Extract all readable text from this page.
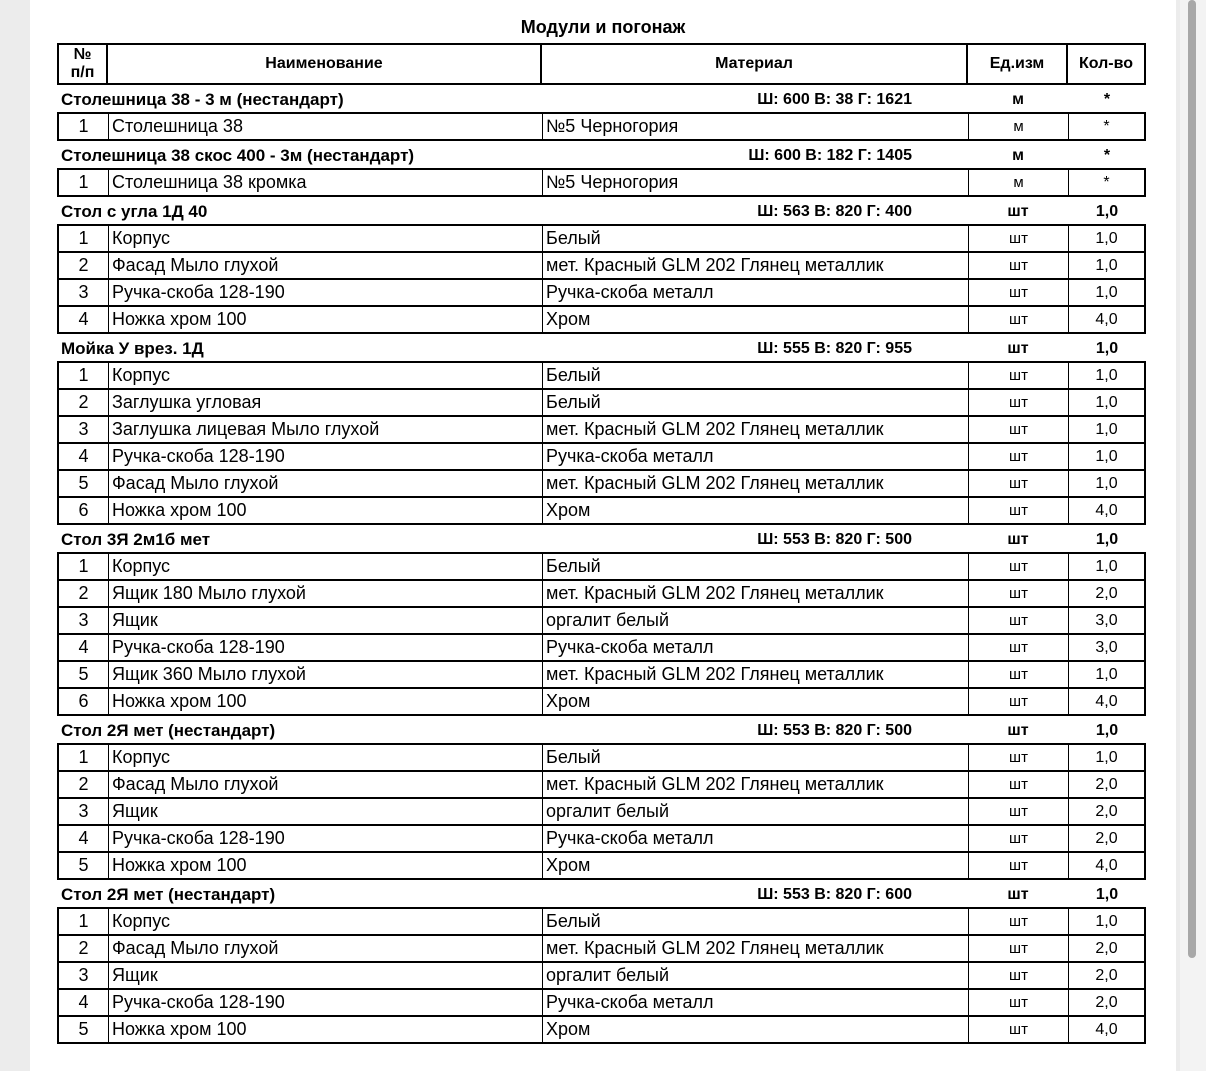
Модули и погонаж
№
п/п	Наименование	Материал	Ед.изм	Кол-во
Столешница 38 - 3 м (нестандарт)		Ш: 600 В: 38 Г: 1621	м	*
1	Столешница 38	№5 Черногория	м	*
Столешница 38 скос 400 - 3м (нестандарт)		Ш: 600 В: 182 Г: 1405	м	*
1	Столешница 38 кромка	№5 Черногория	м	*
Стол с угла 1Д 40		Ш: 563 В: 820 Г: 400	шт	1,0
1	Корпус	Белый	шт	1,0
2	Фасад Мыло глухой	мет. Красный GLM 202 Глянец металлик	шт	1,0
3	Ручка-скоба 128-190	Ручка-скоба металл	шт	1,0
4	Ножка хром 100	Хром	шт	4,0
Мойка У врез. 1Д		Ш: 555 В: 820 Г: 955	шт	1,0
1	Корпус	Белый	шт	1,0
2	Заглушка угловая	Белый	шт	1,0
3	Заглушка лицевая Мыло глухой	мет. Красный GLM 202 Глянец металлик	шт	1,0
4	Ручка-скоба 128-190	Ручка-скоба металл	шт	1,0
5	Фасад Мыло глухой	мет. Красный GLM 202 Глянец металлик	шт	1,0
6	Ножка хром 100	Хром	шт	4,0
Стол 3Я 2м1б мет		Ш: 553 В: 820 Г: 500	шт	1,0
1	Корпус	Белый	шт	1,0
2	Ящик 180 Мыло глухой	мет. Красный GLM 202 Глянец металлик	шт	2,0
3	Ящик	оргалит белый	шт	3,0
4	Ручка-скоба 128-190	Ручка-скоба металл	шт	3,0
5	Ящик 360 Мыло глухой	мет. Красный GLM 202 Глянец металлик	шт	1,0
6	Ножка хром 100	Хром	шт	4,0
Стол 2Я мет (нестандарт)		Ш: 553 В: 820 Г: 500	шт	1,0
1	Корпус	Белый	шт	1,0
2	Фасад Мыло глухой	мет. Красный GLM 202 Глянец металлик	шт	2,0
3	Ящик	оргалит белый	шт	2,0
4	Ручка-скоба 128-190	Ручка-скоба металл	шт	2,0
5	Ножка хром 100	Хром	шт	4,0
Стол 2Я мет (нестандарт)		Ш: 553 В: 820 Г: 600	шт	1,0
1	Корпус	Белый	шт	1,0
2	Фасад Мыло глухой	мет. Красный GLM 202 Глянец металлик	шт	2,0
3	Ящик	оргалит белый	шт	2,0
4	Ручка-скоба 128-190	Ручка-скоба металл	шт	2,0
5	Ножка хром 100	Хром	шт	4,0
